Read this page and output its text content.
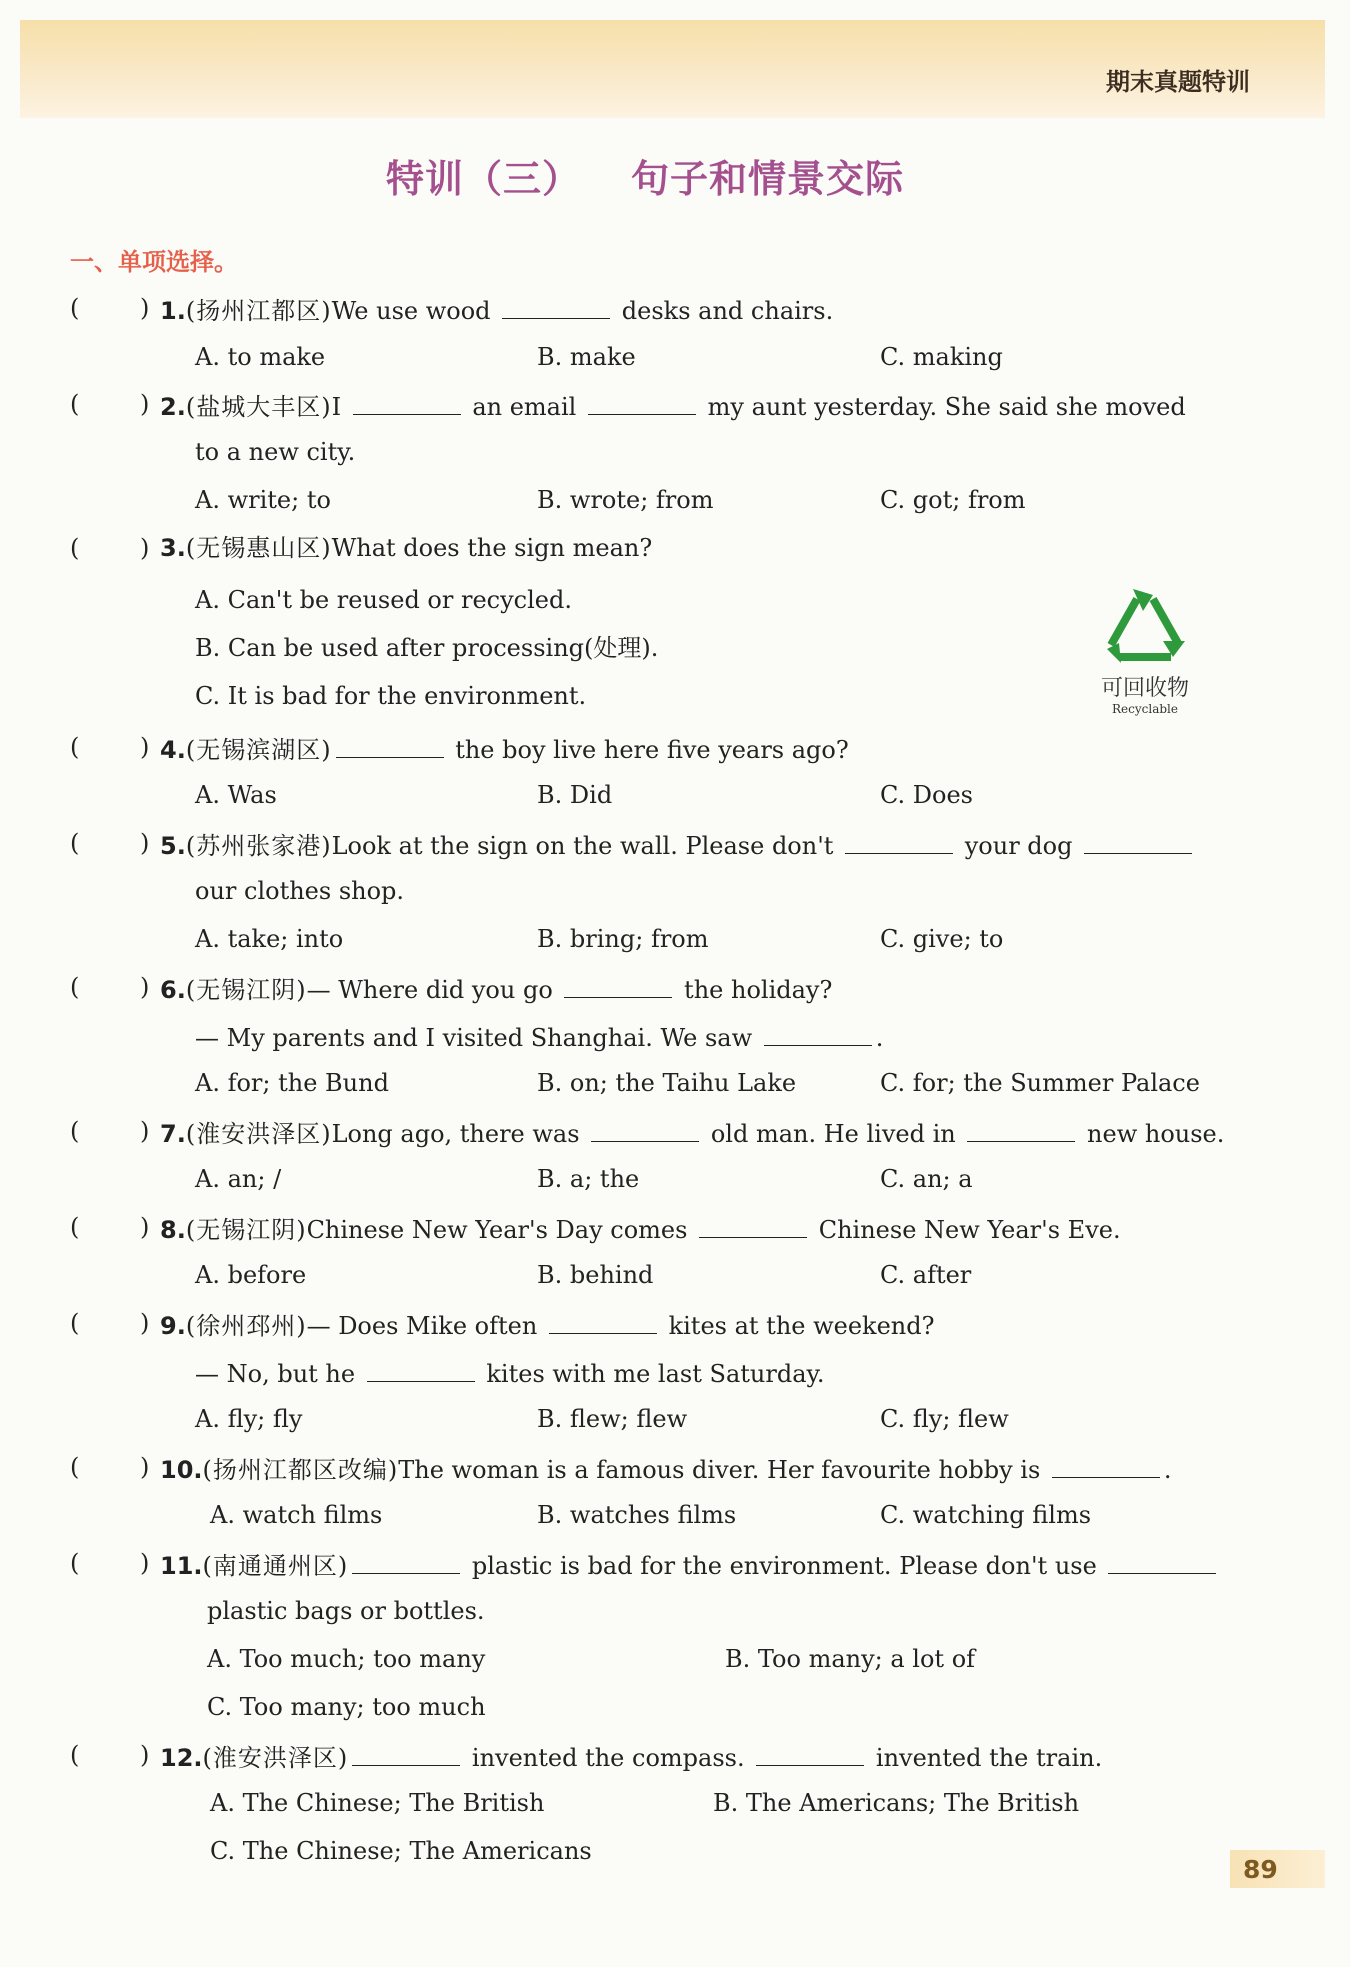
期末真题特训
特训（三） 句子和情景交际
一、单项选择。
(	) 1.(扬州江都区)We use wood	desks and chairs.
A. to make	B. make	C. making
(	) 2.(盐城大丰区)I	an email	my aunt yesterday. She said she moved
to a new city.
A. write; to	B. wrote; from	C. got; from
(	) 3.(无锡惠山区)What does the sign mean?
A. Can't be reused or recycled.
B. Can be used after processing(处理).
C. It is bad for the environment.	可回收物
Recyclable
(	) 4.(无锡滨湖区)	the boy live here five years ago?
A. Was	B. Did	C. Does
(	) 5.(苏州张家港)Look at the sign on the wall. Please don't	your dog
our clothes shop.
A. take; into	B. bring; from	C. give; to
(	) 6.(无锡江阴)— Where did you go	the holiday?
— My parents and I visited Shanghai. We saw	.
A. for; the Bund	B. on; the Taihu Lake	C. for; the Summer Palace
(	) 7.(淮安洪泽区)Long ago, there was	old man. He lived in	new house.
A. an; /	B. a; the	C. an; a
(	) 8.(无锡江阴)Chinese New Year's Day comes	Chinese New Year's Eve.
A. before	B. behind	C. after
(	) 9.(徐州邳州)— Does Mike often	kites at the weekend?
— No, but he	kites with me last Saturday.
A. fly; fly	B. flew; flew	C. fly; flew
(	) 10.(扬州江都区改编)The woman is a famous diver. Her favourite hobby is	.
A. watch films	B. watches films	C. watching films
(	) 11.(南通通州区)	plastic is bad for the environment. Please don't use
plastic bags or bottles.
A. Too much; too many	B. Too many; a lot of
C. Too many; too much
(	) 12.(淮安洪泽区)	invented the compass.	invented the train.
A. The Chinese; The British	B. The Americans; The British
C. The Chinese; The Americans
89
